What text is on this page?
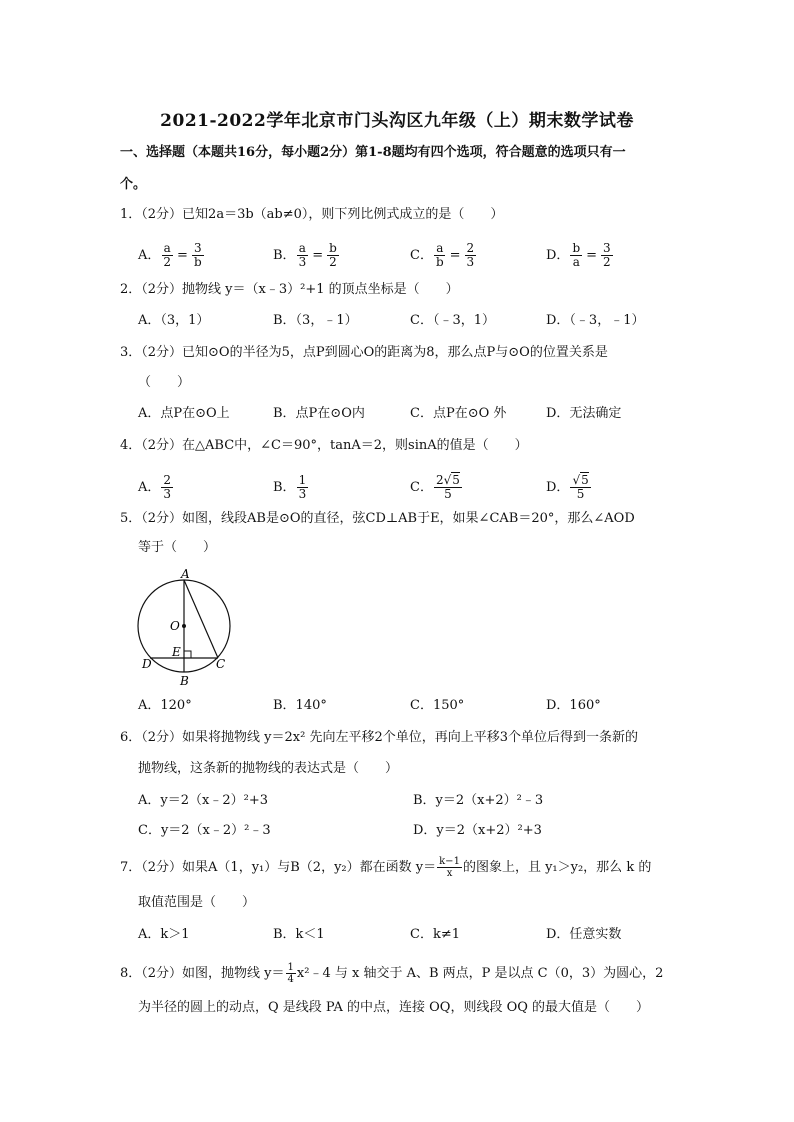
2021-2022学年北京市门头沟区九年级（上）期末数学试卷
一、选择题（本题共16分，每小题2分）第1-8题均有四个选项，符合题意的选项只有一
个。
1．（2分）已知2a＝3b（ab≠0），则下列比例式成立的是（　　）
A． $\frac{a}{2} = \frac{3}{b}$	B． $\frac{a}{3} = \frac{b}{2}$	C． $\frac{a}{b} = \frac{2}{3}$	D． $\frac{b}{a} = \frac{3}{2}$
2．（2分）抛物线 y＝（x﹣3）²+1 的顶点坐标是（　　）
A．（3，1）	B．（3，﹣1）	C．（﹣3，1）	D．（﹣3，﹣1）
3．（2分）已知⊙O的半径为5，点P到圆心O的距离为8，那么点P与⊙O的位置关系是
（　　）
A．点P在⊙O上	B．点P在⊙O内	C．点P在⊙O 外	D．无法确定
4．（2分）在△ABC中，∠C＝90°，tanA＝2，则sinA的值是（　　）
A． $\frac{2}{3}$	B． $\frac{1}{3}$	C． $\frac{2√5}{5}$	D． $\frac{√5}{5}$
5．（2分）如图，线段AB是⊙O的直径，弦CD⊥AB于E，如果∠CAB＝20°，那么∠AOD
等于（　　）
A
O
E
D	C
B
A．120°	B．140°	C．150°	D．160°
6．（2分）如果将抛物线 y＝2x² 先向左平移2个单位，再向上平移3个单位后得到一条新的
抛物线，这条新的抛物线的表达式是（　　）
A．y＝2（x﹣2）²+3	B．y＝2（x+2）²﹣3
C．y＝2（x﹣2）²﹣3	D．y＝2（x+2）²+3
7．（2分）如果A（1，y₁）与B（2，y₂）都在函数 $y= \frac{k-1}{x}$ 的图象上，且 y₁＞y₂，那么 k 的
取值范围是（　　）
A．k＞1	B．k＜1	C．k≠1	D．任意实数
8．（2分）如图，抛物线 $y= \frac{1}{4}$ x²﹣4 与 x 轴交于 A、B 两点，P 是以点 C（0，3）为圆心，2
为半径的圆上的动点，Q 是线段 PA 的中点，连接 OQ，则线段 OQ 的最大值是（　　）
